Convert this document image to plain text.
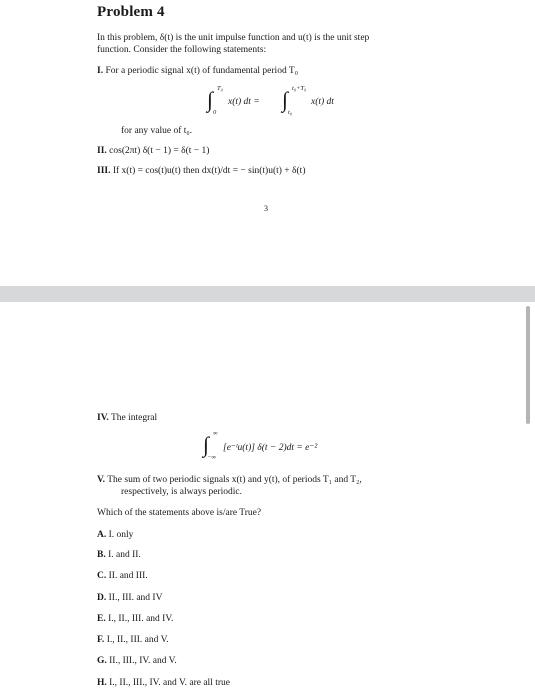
Problem 4
In this problem, δ(t) is the unit impulse function and u(t) is the unit step
function. Consider the following statements:
I. For a periodic signal x(t) of fundamental period T₀
∫ T₀
0
x(t) dt = ∫ t₀+T₀
t₀
x(t) dt
for any value of t₀.
II. cos(2πt) δ(t − 1) = δ(t − 1)
III. If x(t) = cos(t)u(t) then dx(t)/dt = − sin(t)u(t) + δ(t)
3
IV. The integral
∫ ∞
−∞
[e⁻ᵗu(t)] δ(t − 2)dt = e⁻²
V. The sum of two periodic signals x(t) and y(t), of periods T₁ and T₂,
respectively, is always periodic.
Which of the statements above is/are True?
A. I. only
B. I. and II.
C. II. and III.
D. II., III. and IV
E. I., II., III. and IV.
F. I., II., III. and V.
G. II., III., IV. and V.
H. I., II., III., IV. and V. are all true
